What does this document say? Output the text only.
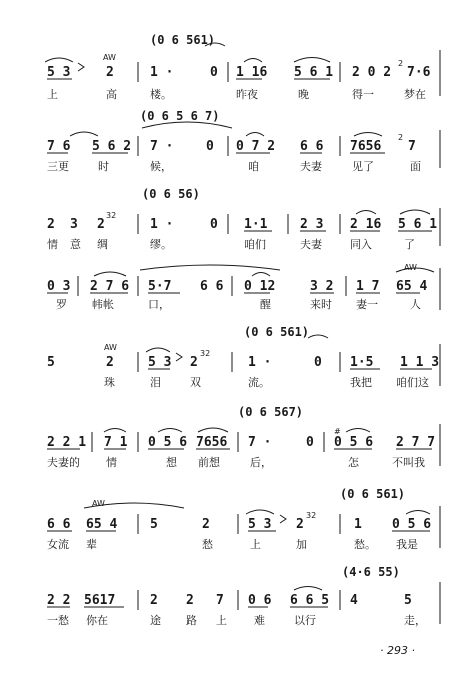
(0 6 561)
AW
5 3	2	1 ·	0 1 16 5 6 1 2 0 2
2
7·6
上	高	楼。	昨夜	晚	得一	梦在
(0 6 5 6 7)
7 6 5 6 2 7 ·	0 0 7 2 6 6 7656
2
7
三更	时	候，	咱	夫妻	见了	面
(0 6 56)
2 3 2
32
1 ·	0 1·1	2 3 2 16 5 6 1
情 意 绸	缪。	咱们	夫妻	同入	了
AW
0 3 2 7 6 5·7 6 6 0 12	3 2 1 7 65 4
罗 帏帐	口，	醒	来时 妻一	人
(0 6 561)
AW
5	2	5 3 2
32
1 ·	0 1·5 1 1 3
珠	泪	双	流。	我把 咱们这
(0 6 567)
2 2 1 7 1 0 5 6 7656 7 ·	0
#
0 5 6 2 7 7
夫妻的 情	想 前想	后，	怎	不叫我
(0 6 561)
AW
6 6 65 4	5	2	5 3 2
32
1 0 5 6
女流 辈	愁	上	加	愁。 我是
(4·6 55)
2 2 5617	2 2 7 0 6 6 6 5 4	5
一愁 你在	途 路 上 难	以行	走，
· 293 ·
